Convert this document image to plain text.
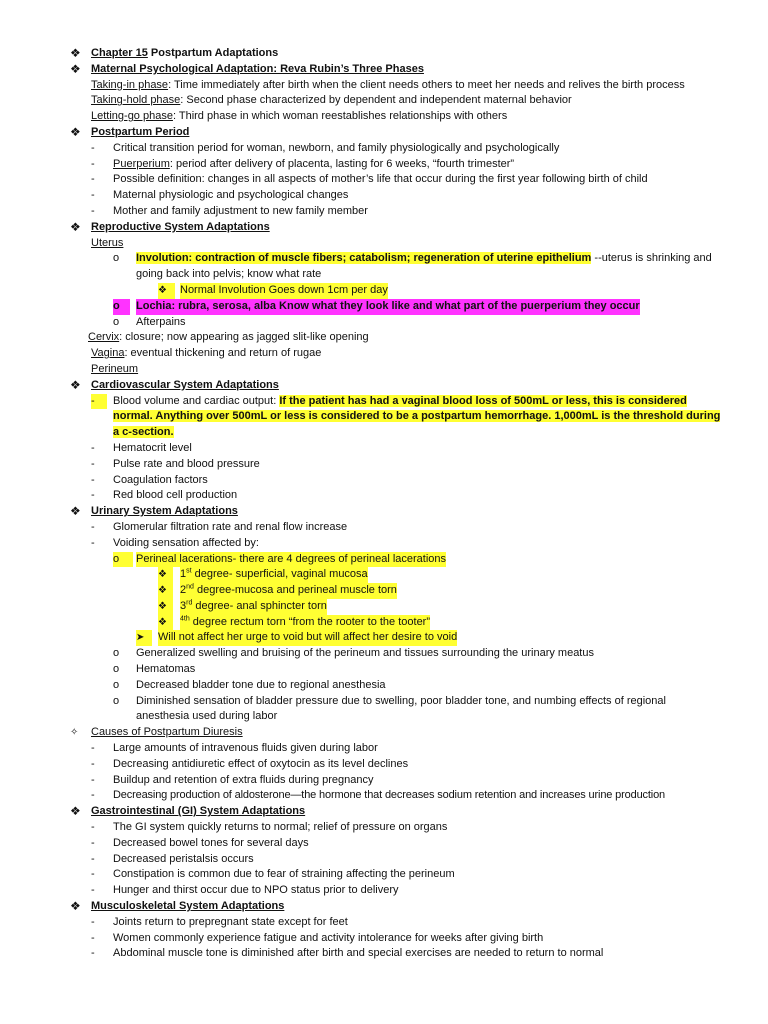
❖ Chapter 15 Postpartum Adaptations
❖ Maternal Psychological Adaptation: Reva Rubin’s Three Phases
Taking-in phase: Time immediately after birth when the client needs others to meet her needs and relives the birth process
Taking-hold phase: Second phase characterized by dependent and independent maternal behavior
Letting-go phase: Third phase in which woman reestablishes relationships with others
❖ Postpartum Period
- Critical transition period for woman, newborn, and family physiologically and psychologically
- Puerperium: period after delivery of placenta, lasting for 6 weeks, “fourth trimester”
- Possible definition: changes in all aspects of mother’s life that occur during the first year following birth of child
- Maternal physiologic and psychological changes
- Mother and family adjustment to new family member
❖ Reproductive System Adaptations
Uterus
o Involution: contraction of muscle fibers; catabolism; regeneration of uterine epithelium --uterus is shrinking and going back into pelvis; know what rate
❖ Normal Involution Goes down 1cm per day
o	Lochia: rubra, serosa, alba Know what they look like and what part of the puerperium they occur
o Afterpains
Cervix: closure; now appearing as jagged slit-like opening
Vagina: eventual thickening and return of rugae
Perineum
❖ Cardiovascular System Adaptations
-	Blood volume and cardiac output: If the patient has had a vaginal blood loss of 500mL or less, this is considered normal. Anything over 500mL or less is considered to be a postpartum hemorrhage. 1,000mL is the threshold during a c-section.
- Hematocrit level
- Pulse rate and blood pressure
- Coagulation factors
- Red blood cell production
❖ Urinary System Adaptations
- Glomerular filtration rate and renal flow increase
- Voiding sensation affected by:
o	Perineal lacerations- there are 4 degrees of perineal lacerations
❖	1st degree- superficial, vaginal mucosa
❖	2nd degree-mucosa and perineal muscle torn
❖	3rd degree- anal sphincter torn
❖	$^{4th}$ degree rectum torn “from the rooter to the tooter”
➤	Will not affect her urge to void but will affect her desire to void
o Generalized swelling and bruising of the perineum and tissues surrounding the urinary meatus
o Hematomas
o Decreased bladder tone due to regional anesthesia
o Diminished sensation of bladder pressure due to swelling, poor bladder tone, and numbing effects of regional anesthesia used during labor
✧ Causes of Postpartum Diuresis
- Large amounts of intravenous fluids given during labor
- Decreasing antidiuretic effect of oxytocin as its level declines
- Buildup and retention of extra fluids during pregnancy
- Decreasing production of aldosterone—the hormone that decreases sodium retention and increases urine production
❖ Gastrointestinal (GI) System Adaptations
- The GI system quickly returns to normal; relief of pressure on organs
- Decreased bowel tones for several days
- Decreased peristalsis occurs
- Constipation is common due to fear of straining affecting the perineum
- Hunger and thirst occur due to NPO status prior to delivery
❖ Musculoskeletal System Adaptations
- Joints return to prepregnant state except for feet
- Women commonly experience fatigue and activity intolerance for weeks after giving birth
- Abdominal muscle tone is diminished after birth and special exercises are needed to return to normal
